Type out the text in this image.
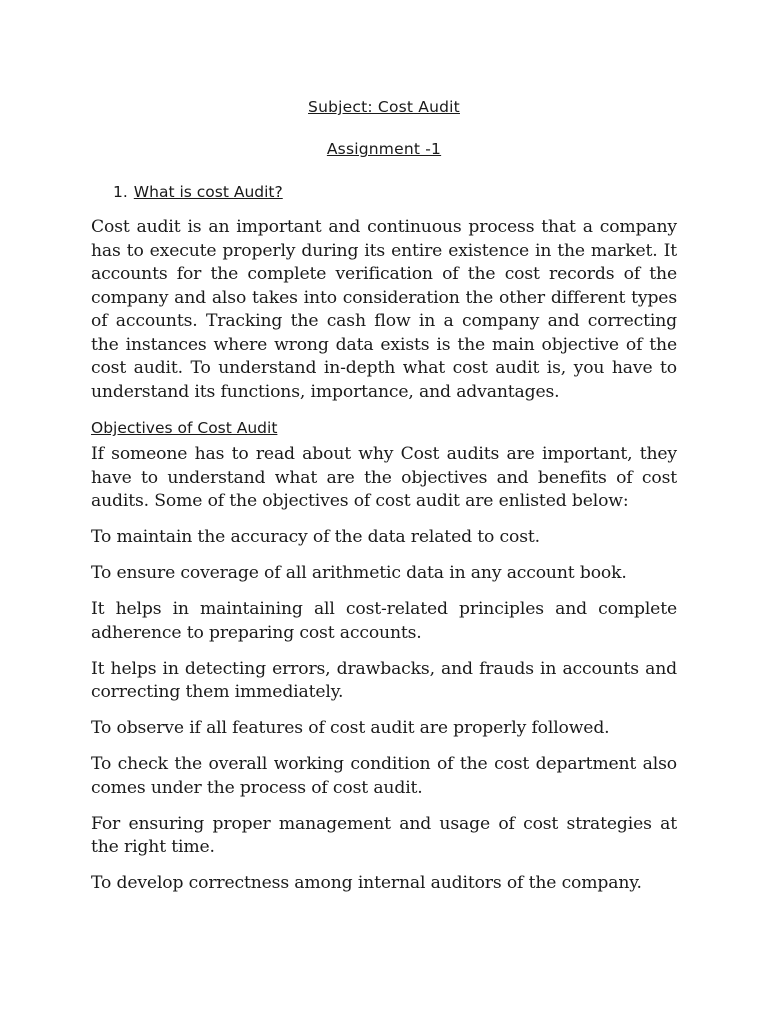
Subject: Cost Audit

Assignment -1

1. What is cost Audit?

Cost audit is an important and continuous process that a company has to execute properly during its entire existence in the market. It accounts for the complete verification of the cost records of the company and also takes into consideration the other different types of accounts. Tracking the cash flow in a company and correcting the instances where wrong data exists is the main objective of the cost audit. To understand in-depth what cost audit is, you have to understand its functions, importance, and advantages.

Objectives of Cost Audit

If someone has to read about why Cost audits are important, they have to understand what are the objectives and benefits of cost audits. Some of the objectives of cost audit are enlisted below:

To maintain the accuracy of the data related to cost.
To ensure coverage of all arithmetic data in any account book.
It helps in maintaining all cost-related principles and complete adherence to preparing cost accounts.
It helps in detecting errors, drawbacks, and frauds in accounts and correcting them immediately.
To observe if all features of cost audit are properly followed.
To check the overall working condition of the cost department also comes under the process of cost audit.
For ensuring proper management and usage of cost strategies at the right time.
To develop correctness among internal auditors of the company.
